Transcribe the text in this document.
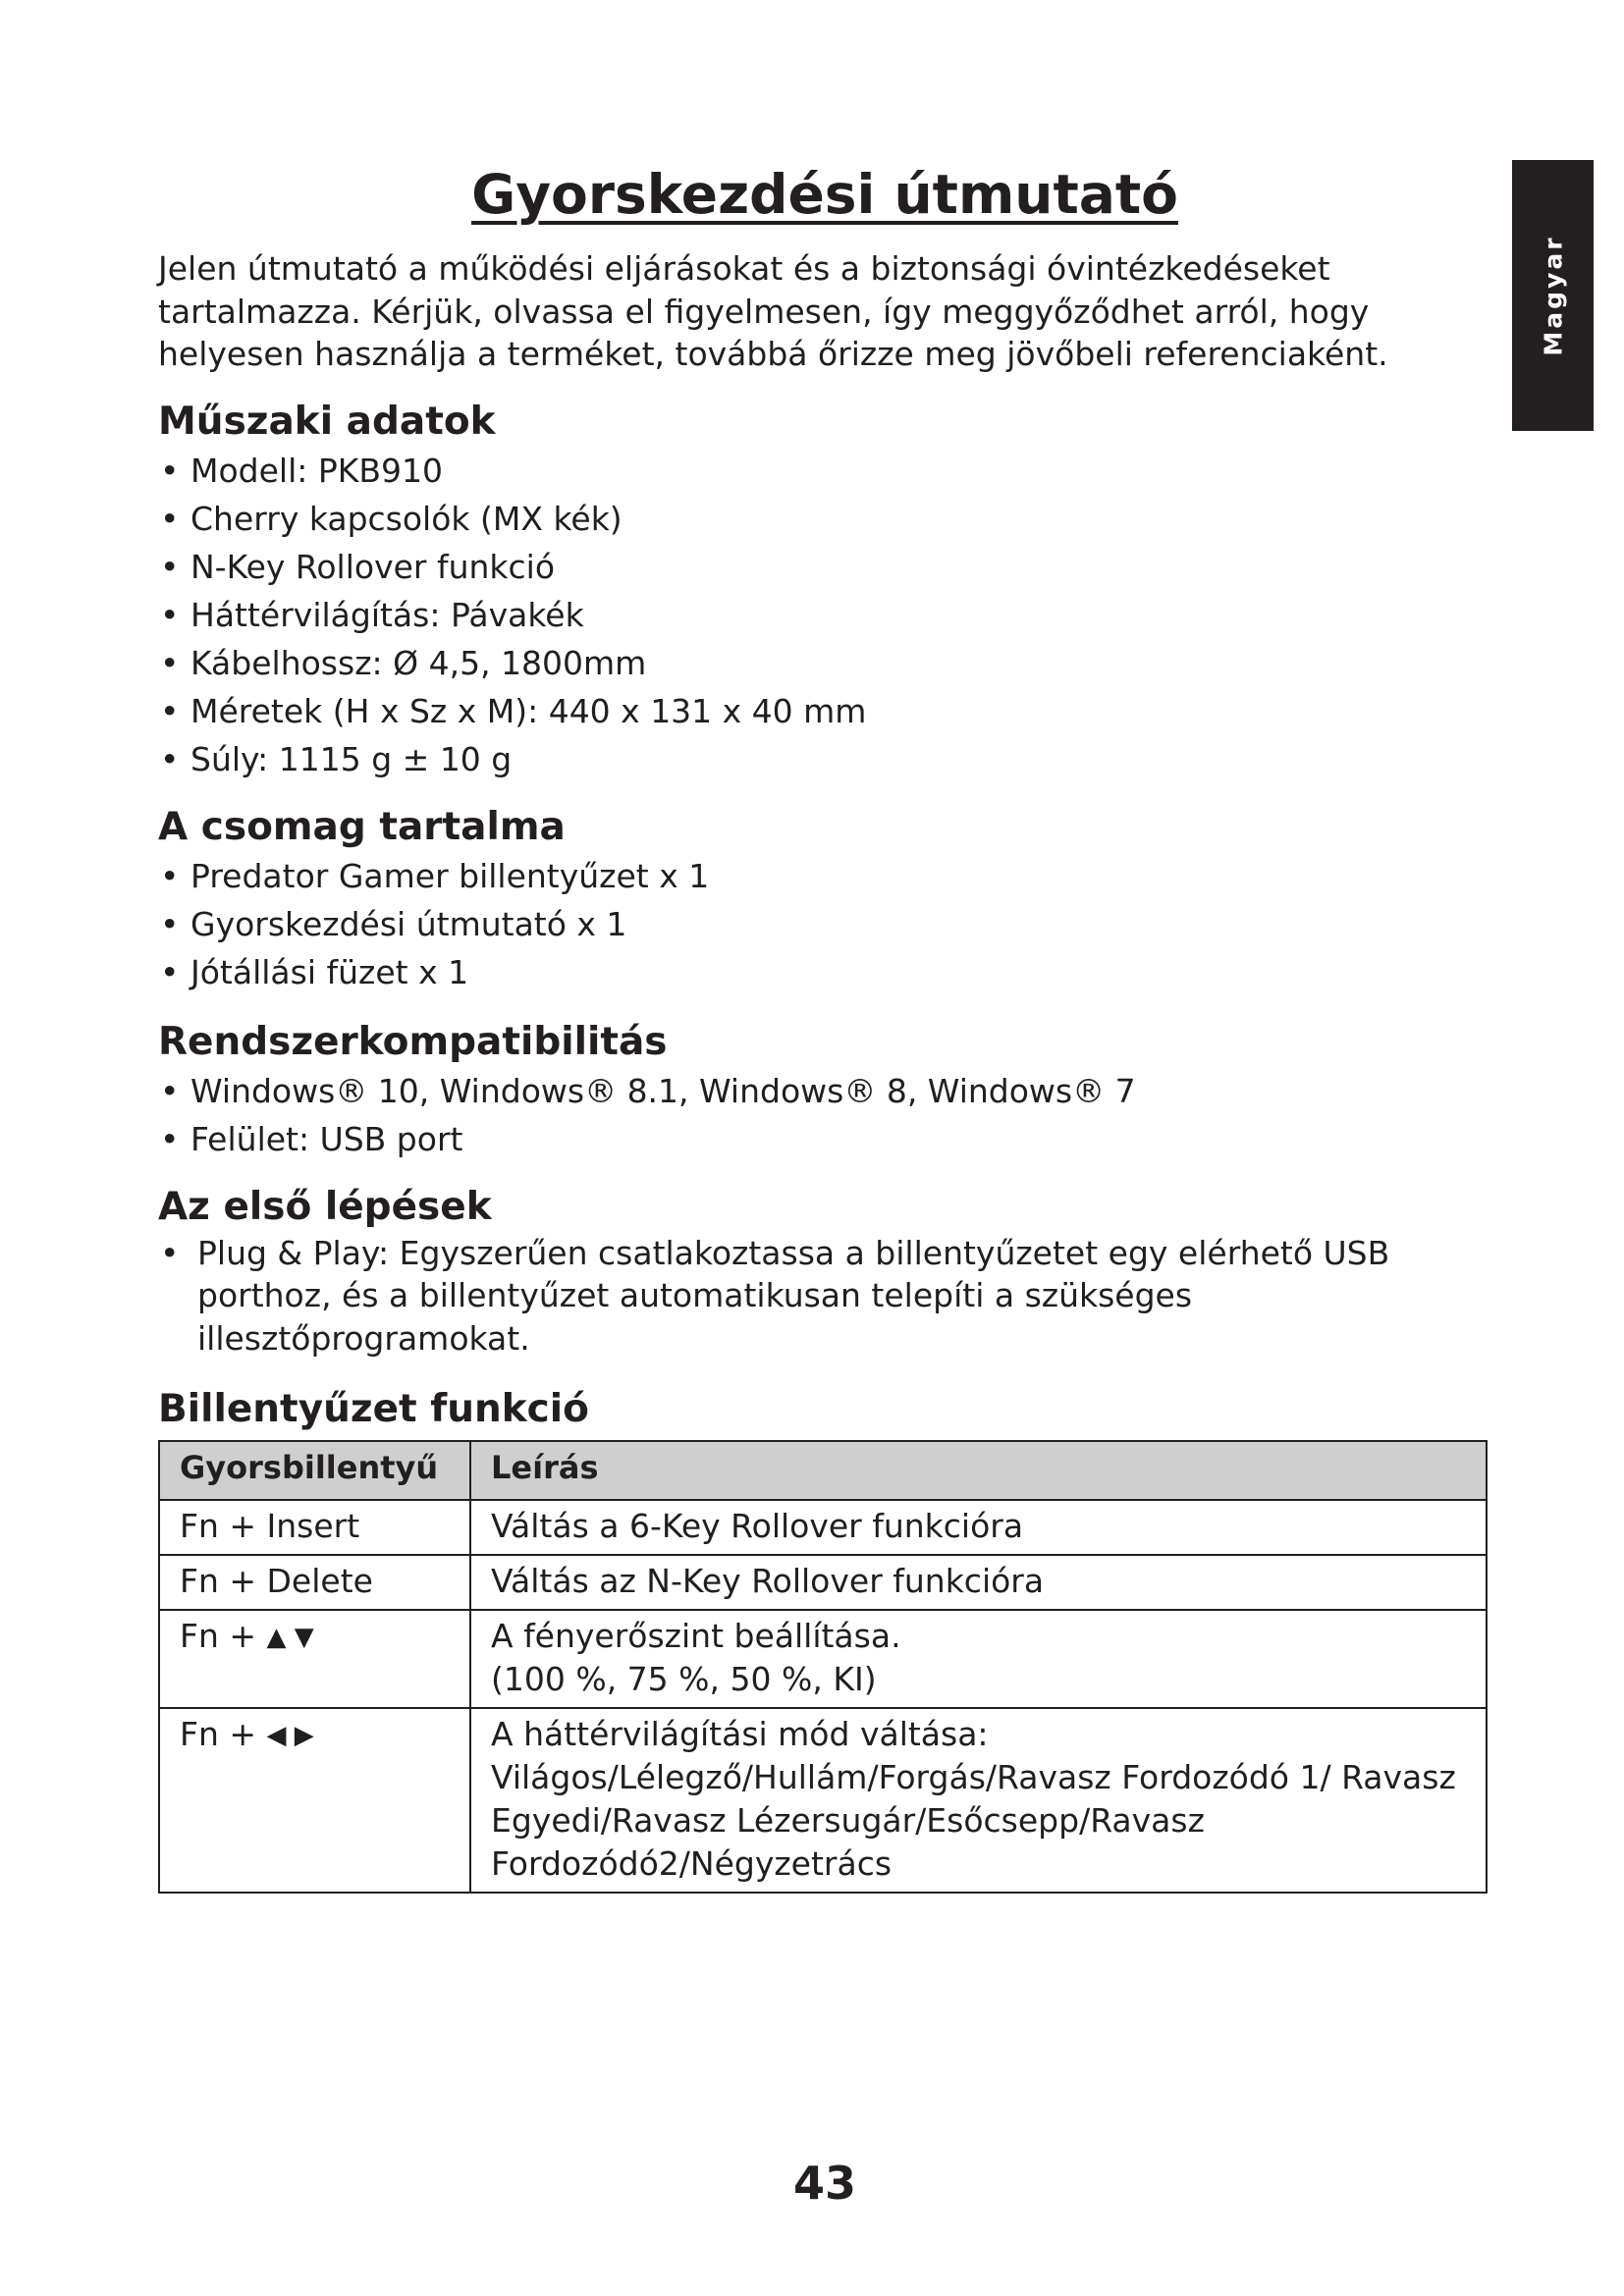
Magyar
Gyorskezdési útmutató

Jelen útmutató a működési eljárásokat és a biztonsági óvintézkedéseket tartalmazza. Kérjük, olvassa el figyelmesen, így meggyőződhet arról, hogy helyesen használja a terméket, továbbá őrizze meg jövőbeli referenciaként.

Műszaki adatok
• Modell: PKB910
• Cherry kapcsolók (MX kék)
• N-Key Rollover funkció
• Háttérvilágítás: Pávakék
• Kábelhossz: Ø 4,5, 1800mm
• Méretek (H x Sz x M): 440 x 131 x 40 mm
• Súly: 1115 g ± 10 g
A csomag tartalma
• Predator Gamer billentyűzet x 1
• Gyorskezdési útmutató x 1
• Jótállási füzet x 1
Rendszerkompatibilitás
• Windows® 10, Windows® 8.1, Windows® 8, Windows® 7
• Felület: USB port
Az első lépések
• Plug & Play: Egyszerűen csatlakoztassa a billentyűzetet egy elérhető USB porthoz, és a billentyűzet automatikusan telepíti a szükséges illesztőprogramokat.
Billentyűzet funkció
Gyorsbillentyű	Leírás
Fn + Insert	Váltás a 6-Key Rollover funkcióra
Fn + Delete	Váltás az N-Key Rollover funkcióra
Fn + ▲ ▼	A fényerőszint beállítása.
(100 %, 75 %, 50 %, KI)

Fn + ◀ ▶	A háttérvilágítási mód váltása:
Világos/Lélegző/Hullám/Forgás/Ravasz Fordozódó 1/ Ravasz Egyedi/Ravasz Lézersugár/Esőcsepp/Ravasz Fordozódó2/Négyzetrács
43
